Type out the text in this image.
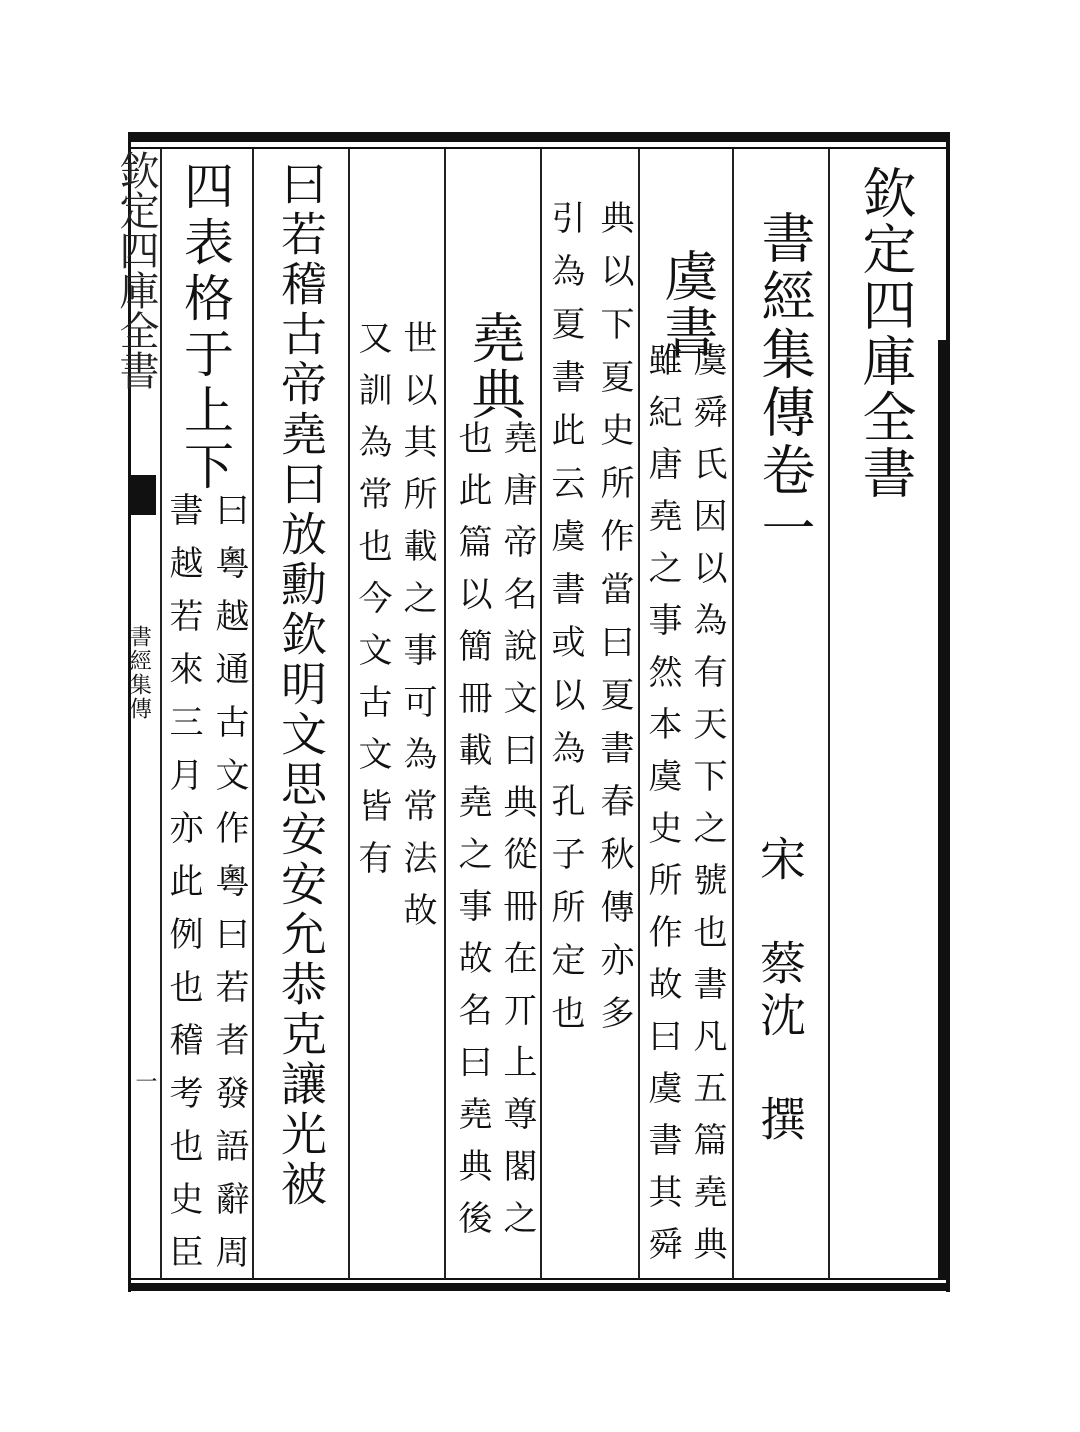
欽定四庫全書
書經集傳
一
欽定四庫全書
書經集傳卷一
宋　蔡沈　撰
虞書
虞舜氏因以為有天下之號也書凡五篇堯典
雖紀唐堯之事然本虞史所作故曰虞書其舜
典以下夏史所作當曰夏書春秋傳亦多
引為夏書此云虞書或以為孔子所定也
堯典
堯唐帝名說文曰典從冊在丌上尊閣之
也此篇以簡冊載堯之事故名曰堯典後
世以其所載之事可為常法故
又訓為常也今文古文皆有
曰若稽古帝堯曰放勳欽明文思安安允恭克讓光被
四表格于上下
曰粵越通古文作粵曰若者發語辭周
書越若來三月亦此例也稽考也史臣
